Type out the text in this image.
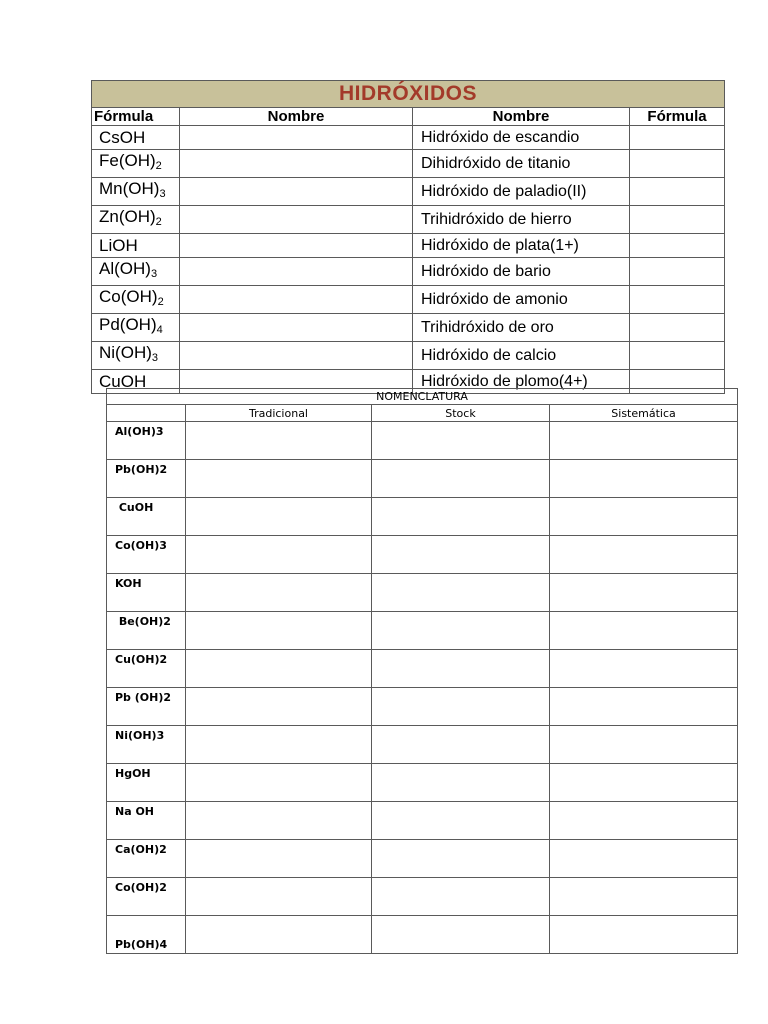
HIDRÓXIDOS			
Fórmula	Nombre	Nombre	Fórmula
CsOH		Hidróxido de escandio	
$Fe(OH)_2$		Dihidróxido de titanio	
$Mn(OH)_3$		Hidróxido de paladio(II)	
$Zn(OH)_2$		Trihidróxido de hierro	
LiOH		Hidróxido de plata(1+)	
$Al(OH)_3$		Hidróxido de bario	
$Co(OH)_2$		Hidróxido de amonio	
$Pd(OH)_4$		Trihidróxido de oro	
$Ni(OH)_3$		Hidróxido de calcio	
CuOH		Hidróxido de plomo(4+)	
NOMENCLATURA			
	Tradicional	Stock	Sistemática
Al(OH)3			
Pb(OH)2			
CuOH			
Co(OH)3			
KOH			
Be(OH)2			
Cu(OH)2			
Pb (OH)2			
Ni(OH)3			
HgOH			
Na OH			
Ca(OH)2			
Co(OH)2			
Pb(OH)4			
